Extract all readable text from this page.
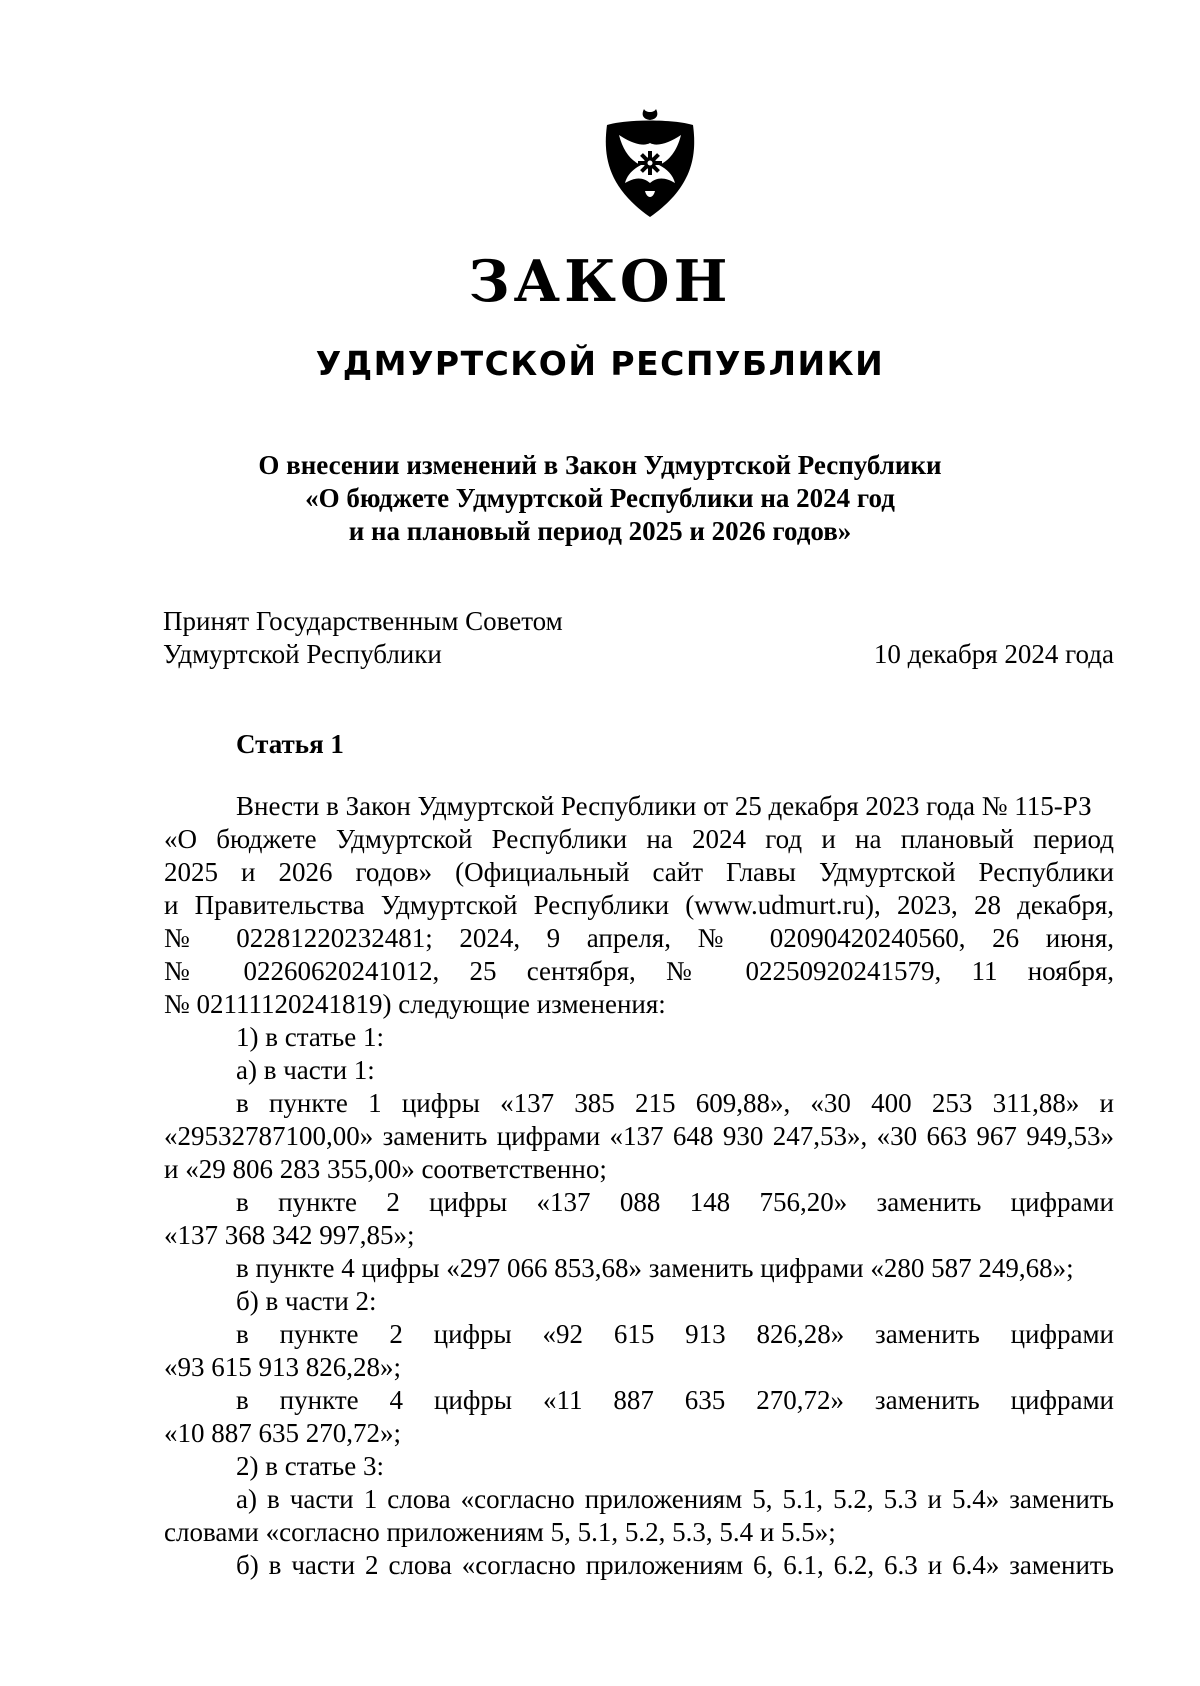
ЗАКОН
УДМУРТСКОЙ РЕСПУБЛИКИ
О внесении изменений в Закон Удмуртской Республики
«О бюджете Удмуртской Республики на 2024 год
и на плановый период 2025 и 2026 годов»
Принят Государственным Советом
Удмуртской Республики	10 декабря 2024 года
Статья 1
Внести в Закон Удмуртской Республики от 25 декабря 2023 года № 115-РЗ
«О бюджете Удмуртской Республики на 2024 год и на плановый период
2025 и 2026 годов» (Официальный сайт Главы Удмуртской Республики
и Правительства Удмуртской Республики (www.udmurt.ru), 2023, 28 декабря,
№ 02281220232481; 2024, 9 апреля, № 02090420240560, 26 июня,
№ 02260620241012, 25 сентября, № 02250920241579, 11 ноября,
№ 02111120241819) следующие изменения:
1) в статье 1:
а) в части 1:
в пункте 1 цифры «137 385 215 609,88», «30 400 253 311,88» и
«29532787100,00» заменить цифрами «137 648 930 247,53», «30 663 967 949,53»
и «29 806 283 355,00» соответственно;
в пункте 2 цифры «137 088 148 756,20» заменить цифрами
«137 368 342 997,85»;
в пункте 4 цифры «297 066 853,68» заменить цифрами «280 587 249,68»;
б) в части 2:
в пункте 2 цифры «92 615 913 826,28» заменить цифрами
«93 615 913 826,28»;
в пункте 4 цифры «11 887 635 270,72» заменить цифрами
«10 887 635 270,72»;
2) в статье 3:
а) в части 1 слова «согласно приложениям 5, 5.1, 5.2, 5.3 и 5.4» заменить
словами «согласно приложениям 5, 5.1, 5.2, 5.3, 5.4 и 5.5»;
б) в части 2 слова «согласно приложениям 6, 6.1, 6.2, 6.3 и 6.4» заменить
